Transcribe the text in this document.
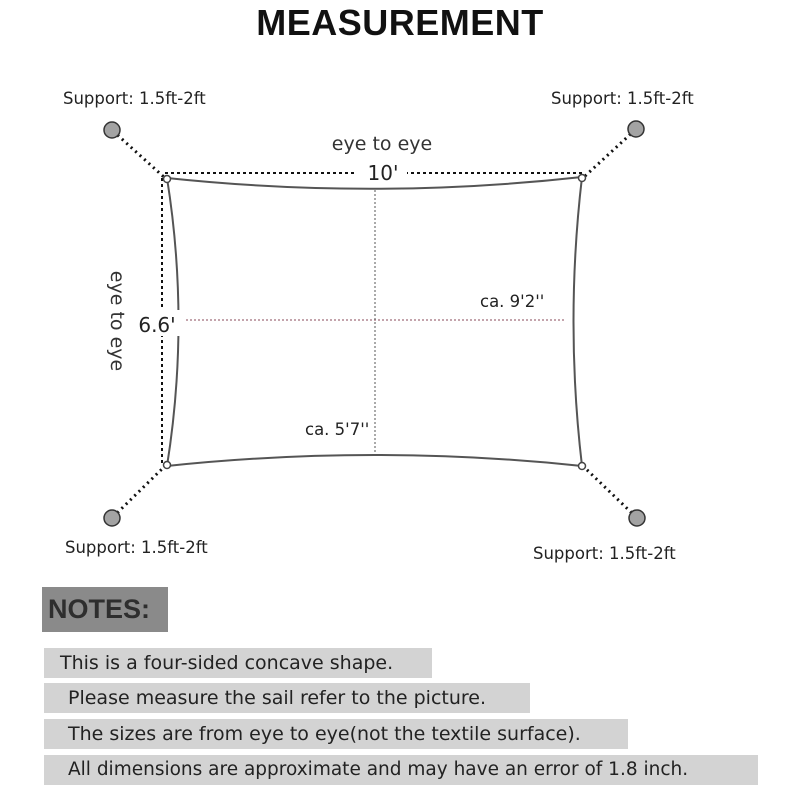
MEASUREMENT
Support: 1.5ft-2ft	Support: 1.5ft-2ft
Support: 1.5ft-2ft	Support: 1.5ft-2ft
eye to eye
10'
eye to eye 6.6'
ca. 9'2''
ca. 5'7''
NOTES:
This is a four-sided concave shape.
Please measure the sail refer to the picture.
The sizes are from eye to eye(not the textile surface).
All dimensions are approximate and may have an error of 1.8 inch.
